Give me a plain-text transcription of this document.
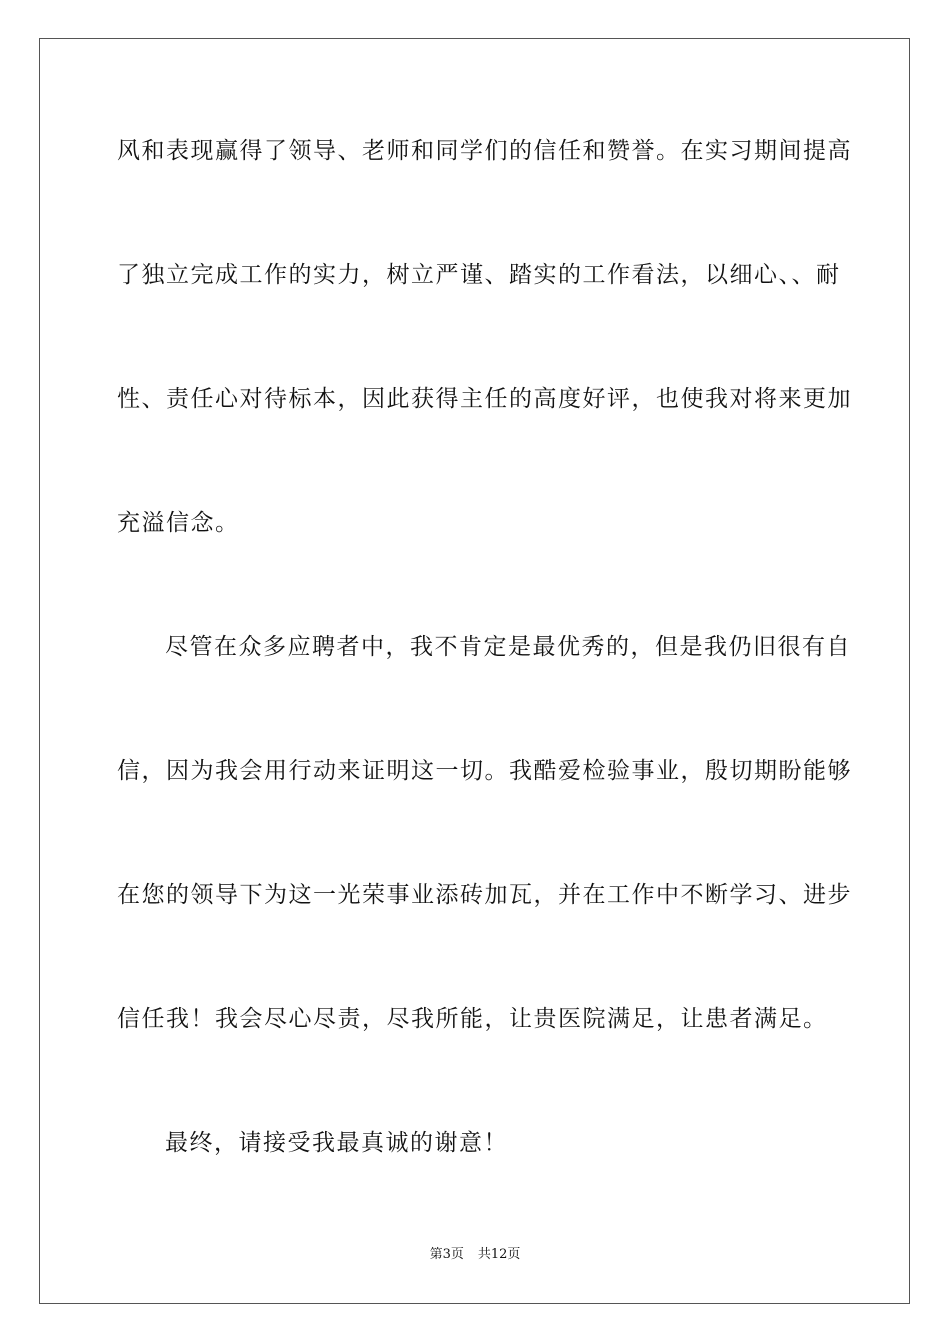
风和表现赢得了领导、老师和同学们的信任和赞誉。在实习期间提高
了独立完成工作的实力，树立严谨、踏实的工作看法，以细心、、耐
性、责任心对待标本，因此获得主任的高度好评，也使我对将来更加
充溢信念。
尽管在众多应聘者中，我不肯定是最优秀的，但是我仍旧很有自
信，因为我会用行动来证明这一切。我酷爱检验事业，殷切期盼能够
在您的领导下为这一光荣事业添砖加瓦，并在工作中不断学习、进步
信任我！我会尽心尽责，尽我所能，让贵医院满足，让患者满足。
最终，请接受我最真诚的谢意！
第3页 共12页
